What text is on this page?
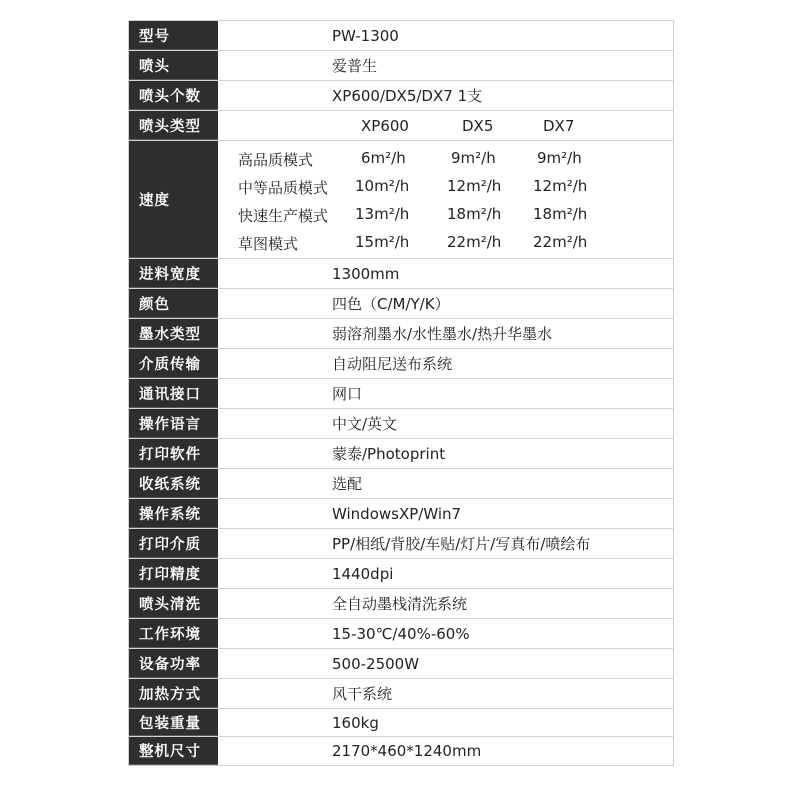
型号	PW-1300
喷头	爱普生
喷头个数	XP600/DX5/DX7 1支
喷头类型	XP600	DX5	DX7
速度
高品质模式	6m²/h	9m²/h	9m²/h
中等品质模式 10m²/h	12m²/h 12m²/h
快速生产模式 13m²/h	18m²/h 18m²/h
草图模式	15m²/h	22m²/h 22m²/h
进料宽度	1300mm
颜色	四色（C/M/Y/K）
墨水类型	弱溶剂墨水/水性墨水/热升华墨水
介质传输	自动阻尼送布系统
通讯接口	网口
操作语言	中文/英文
打印软件	蒙泰/Photoprint
收纸系统	选配
操作系统	WindowsXP/Win7
打印介质	PP/相纸/背胶/车贴/灯片/写真布/喷绘布
打印精度	1440dpi
喷头清洗	全自动墨栈清洗系统
工作环境	15-30℃/40%-60%
设备功率	500-2500W
加热方式	风干系统
包装重量	160kg
整机尺寸	2170*460*1240mm
